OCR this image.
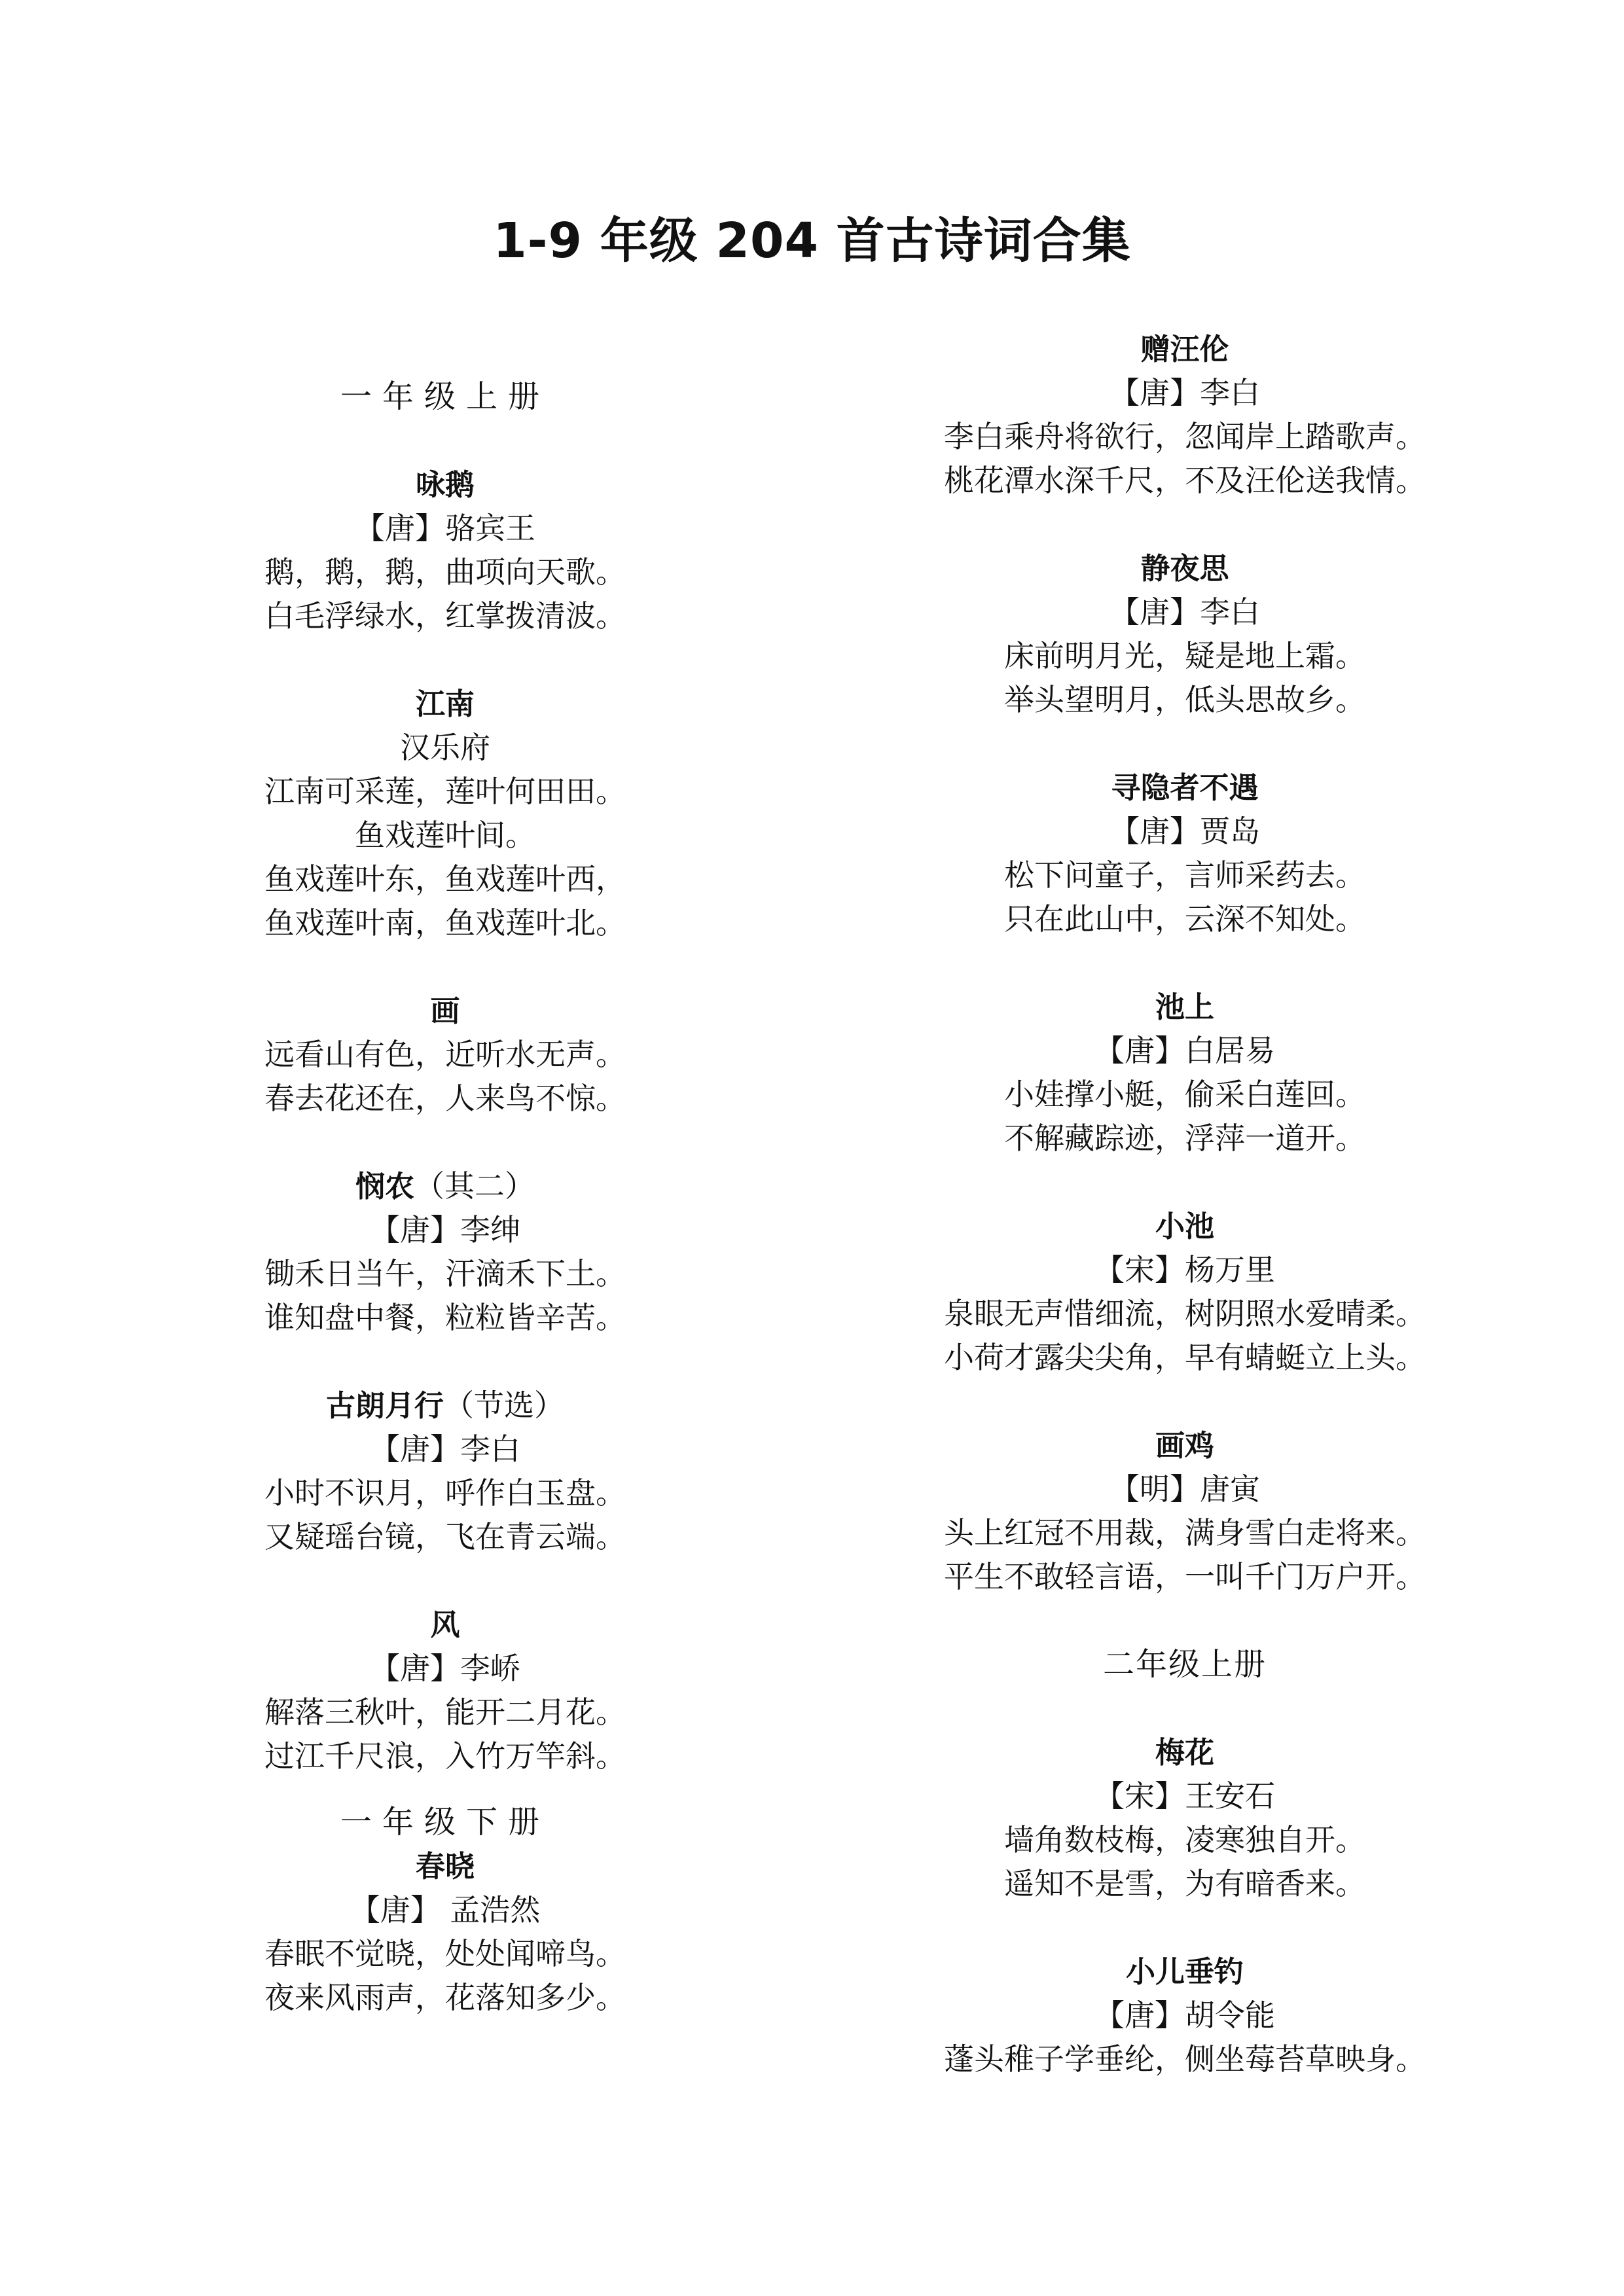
1-9 年级 204 首古诗词合集
一年级上册
咏鹅
【唐】骆宾王
鹅，鹅，鹅，曲项向天歌。
白毛浮绿水，红掌拨清波。
江南
汉乐府
江南可采莲，莲叶何田田。
鱼戏莲叶间。
鱼戏莲叶东，鱼戏莲叶西，
鱼戏莲叶南，鱼戏莲叶北。
画
远看山有色，近听水无声。
春去花还在，人来鸟不惊。
悯农（其二）
【唐】李绅
锄禾日当午，汗滴禾下土。
谁知盘中餐，粒粒皆辛苦。
古朗月行（节选）
【唐】李白
小时不识月，呼作白玉盘。
又疑瑶台镜，飞在青云端。
风
【唐】李峤
解落三秋叶，能开二月花。
过江千尺浪，入竹万竿斜。
一年级下册
春晓
【唐】 孟浩然
春眠不觉晓，处处闻啼鸟。
夜来风雨声，花落知多少。
赠汪伦
【唐】李白
李白乘舟将欲行，忽闻岸上踏歌声。
桃花潭水深千尺，不及汪伦送我情。
静夜思
【唐】李白
床前明月光，疑是地上霜。
举头望明月，低头思故乡。
寻隐者不遇
【唐】贾岛
松下问童子，言师采药去。
只在此山中，云深不知处。
池上
【唐】白居易
小娃撑小艇，偷采白莲回。
不解藏踪迹，浮萍一道开。
小池
【宋】杨万里
泉眼无声惜细流，树阴照水爱晴柔。
小荷才露尖尖角，早有蜻蜓立上头。
画鸡
【明】唐寅
头上红冠不用裁，满身雪白走将来。
平生不敢轻言语，一叫千门万户开。
二年级上册
梅花
【宋】王安石
墙角数枝梅，凌寒独自开。
遥知不是雪，为有暗香来。
小儿垂钓
【唐】胡令能
蓬头稚子学垂纶，侧坐莓苔草映身。
